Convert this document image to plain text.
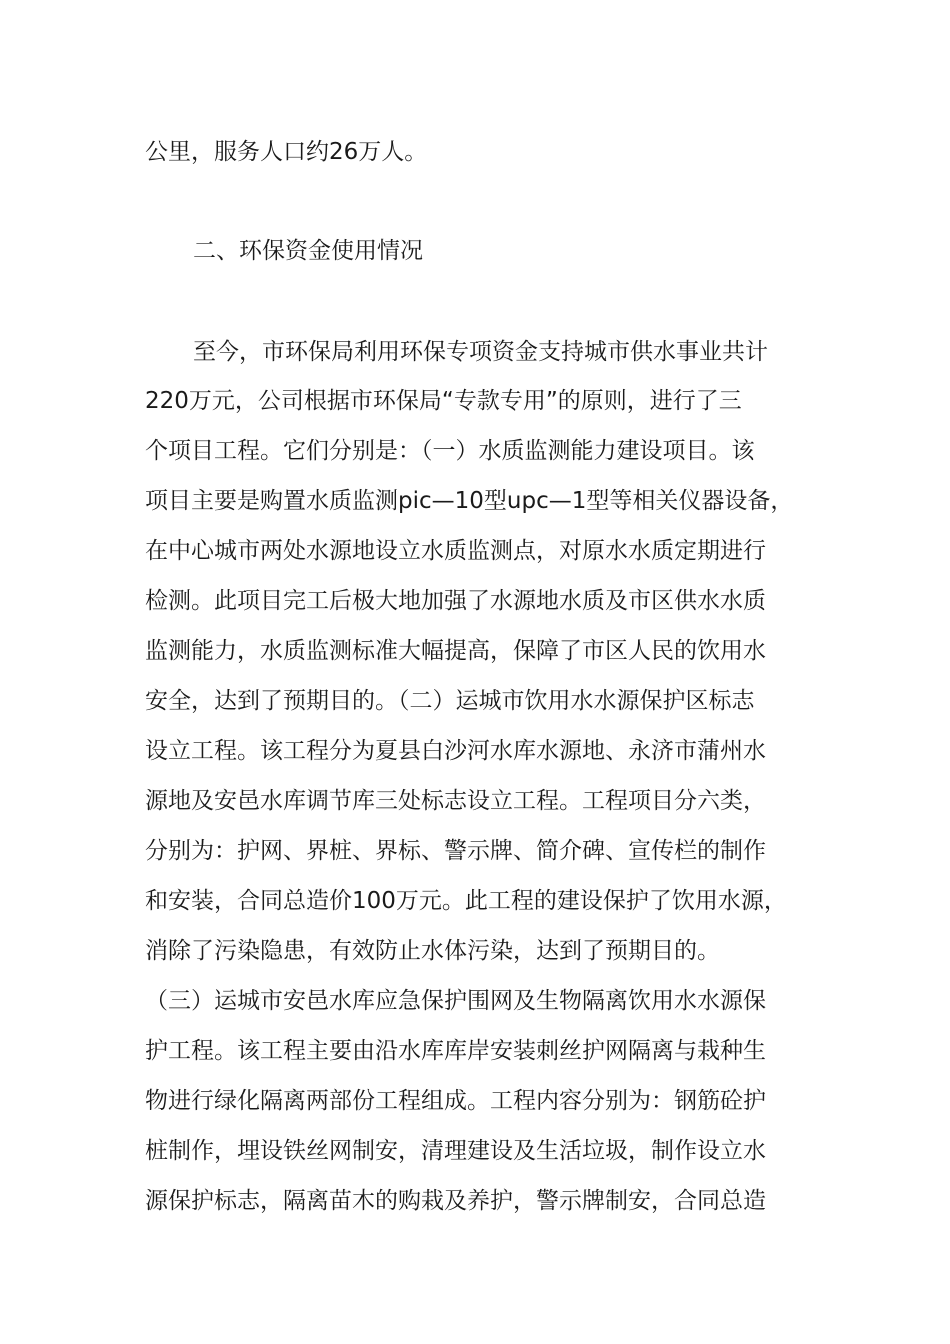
公里，服务人口约26万人。
二、环保资金使用情况
至今，市环保局利用环保专项资金支持城市供水事业共计
220万元，公司根据市环保局“专款专用”的原则，进行了三
个项目工程。它们分别是：（一）水质监测能力建设项目。该
项目主要是购置水质监测pic—10型upc—1型等相关仪器设备，
在中心城市两处水源地设立水质监测点，对原水水质定期进行
检测。此项目完工后极大地加强了水源地水质及市区供水水质
监测能力，水质监测标准大幅提高，保障了市区人民的饮用水
安全，达到了预期目的。（二）运城市饮用水水源保护区标志
设立工程。该工程分为夏县白沙河水库水源地、永济市蒲州水
源地及安邑水库调节库三处标志设立工程。工程项目分六类，
分别为：护网、界桩、界标、警示牌、简介碑、宣传栏的制作
和安装，合同总造价100万元。此工程的建设保护了饮用水源，
消除了污染隐患，有效防止水体污染，达到了预期目的。
（三）运城市安邑水库应急保护围网及生物隔离饮用水水源保
护工程。该工程主要由沿水库库岸安装刺丝护网隔离与栽种生
物进行绿化隔离两部份工程组成。工程内容分别为：钢筋砼护
桩制作，埋设铁丝网制安，清理建设及生活垃圾，制作设立水
源保护标志，隔离苗木的购栽及养护，警示牌制安，合同总造
